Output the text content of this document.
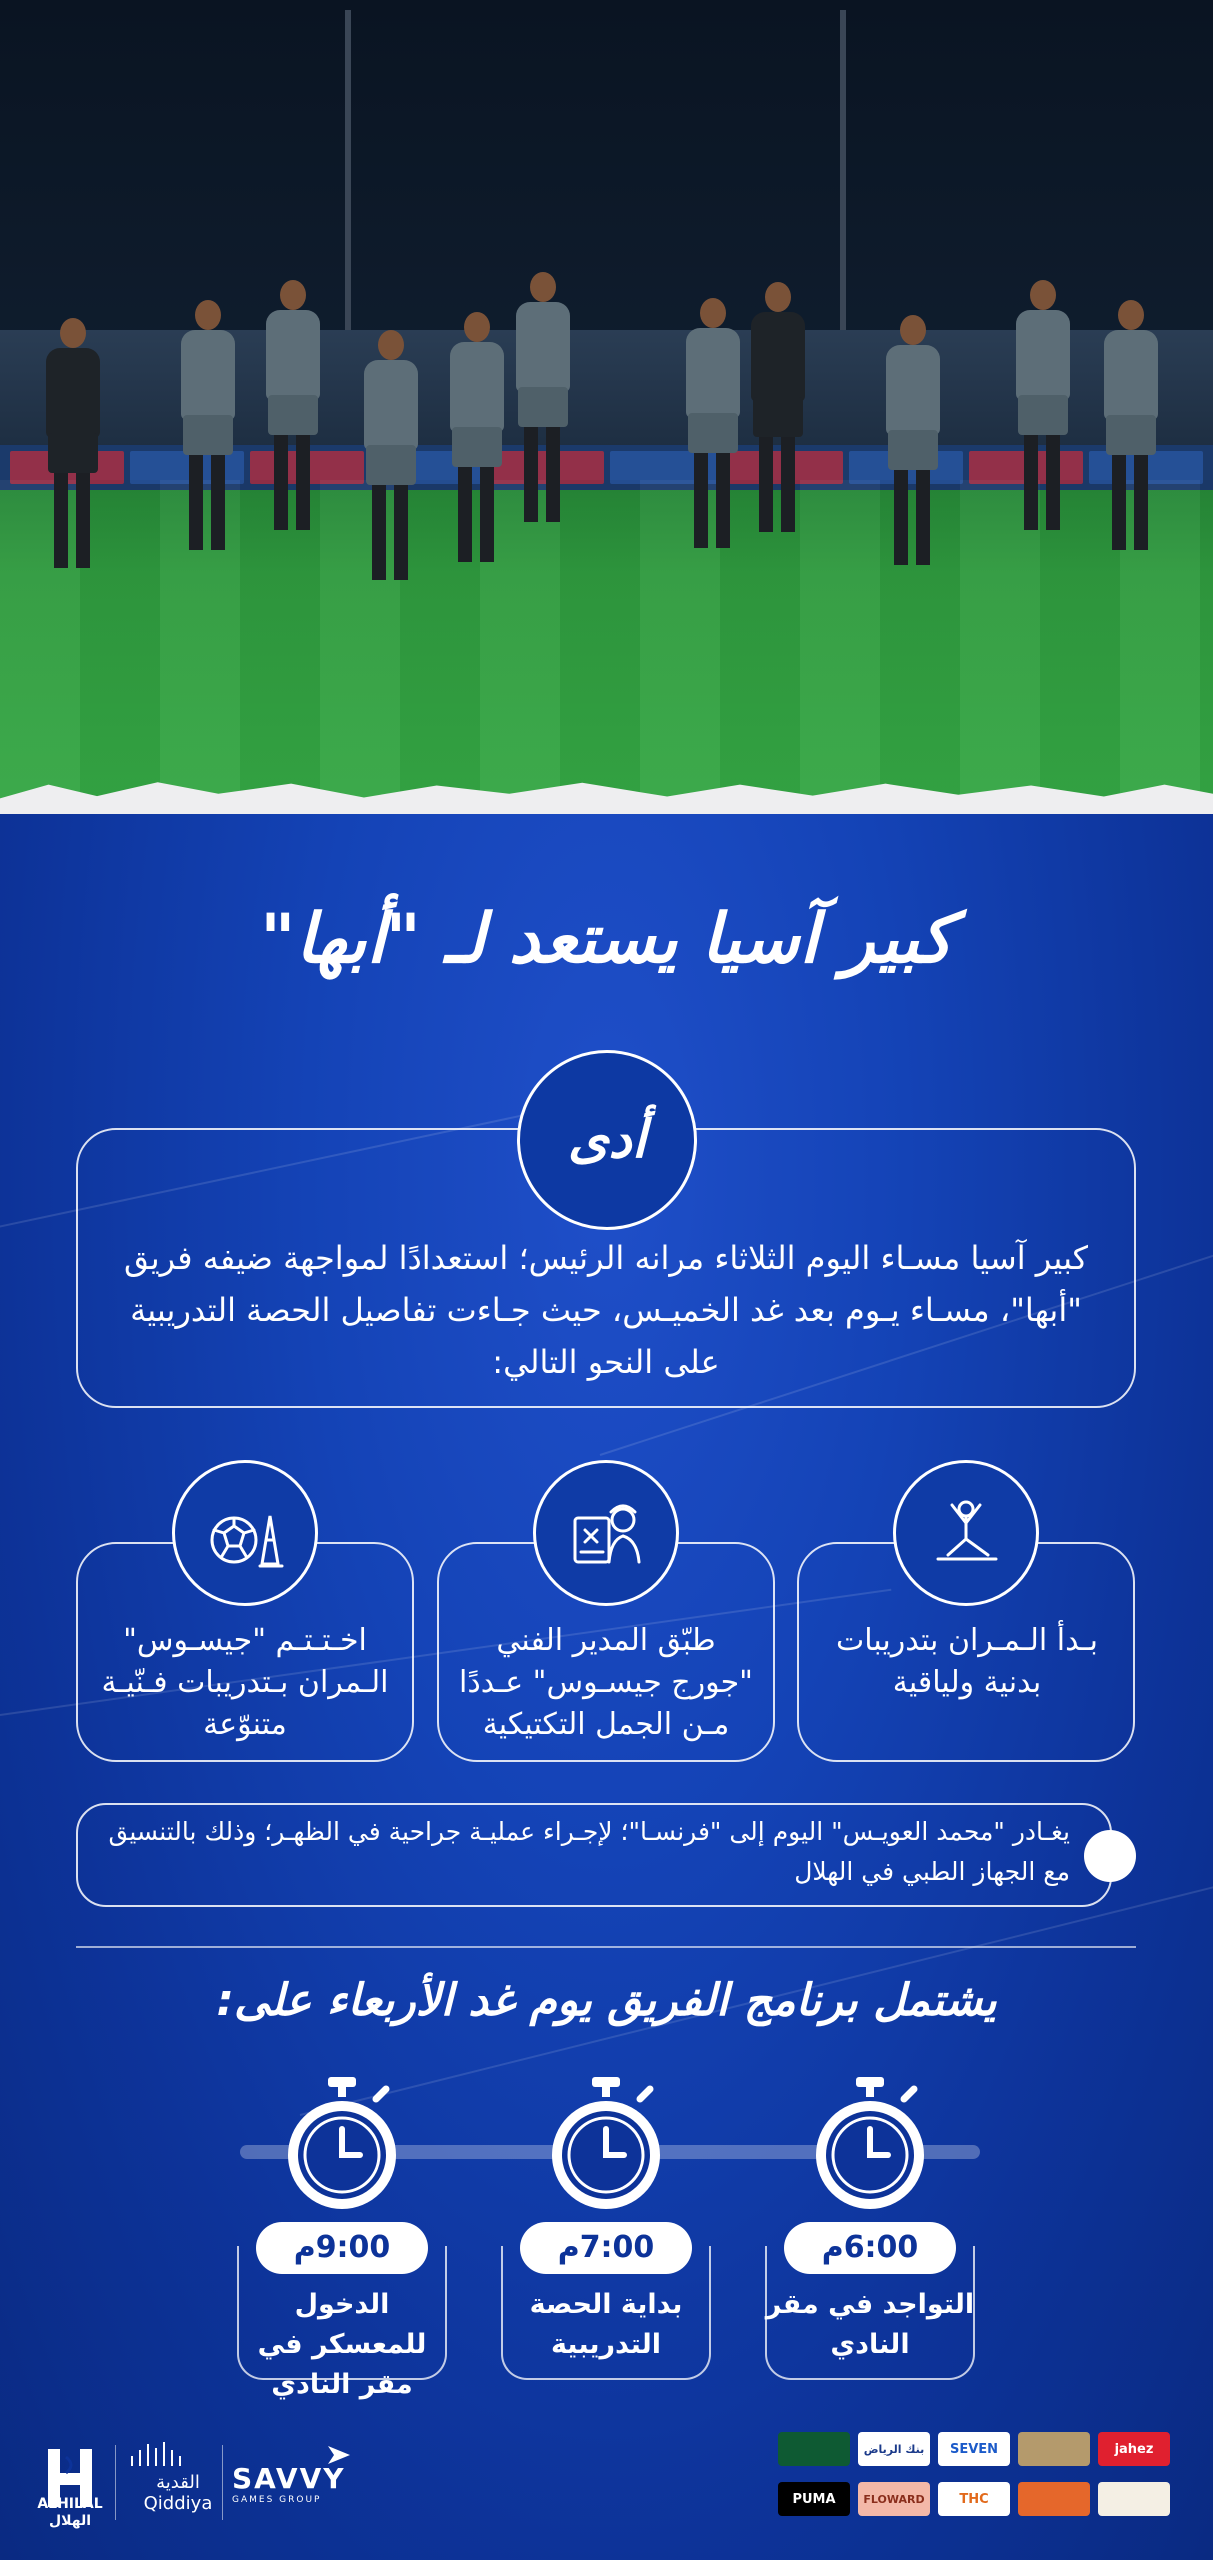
كبير آسيا يستعد لـ "أبها"
أدى
كبير آسيا مسـاء اليوم الثلاثاء مرانه الرئيس؛ استعدادًا لمواجهة ضيفه فريق "أبها"، مسـاء يـوم بعد غد الخميـس، حيث جـاءت تفاصيل الحصة التدريبية على النحو التالي:
بـدأ الـمـران بتدريبات بدنية ولياقية
طبّق المدير الفني "جورج جيسـوس" عـددًا مـن الجمل التكتيكية
اخـتـتـم "جيسـوس" الـمران بـتدريبات فـنّيـة متنوّعة
يغـادر "محمد العويـس" اليوم إلى "فرنسـا"؛ لإجـراء عمليـة جراحية في الظهـر؛ وذلك بالتنسيق مع الجهاز الطبي في الهلال
يشتمل برنامج الفريق يوم غد الأربعاء على:
6:00م
7:00م
9:00م
التواجد في مقر النادي
بداية الحصة التدريبية
الدخول للمعسكر في مقر النادي
ALHILAL
الهلال
القدية
Qiddiya
SAVVY
GAMES GROUP
jahez
SEVEN
بنك الرياض
THC
FLOWARD
PUMA
